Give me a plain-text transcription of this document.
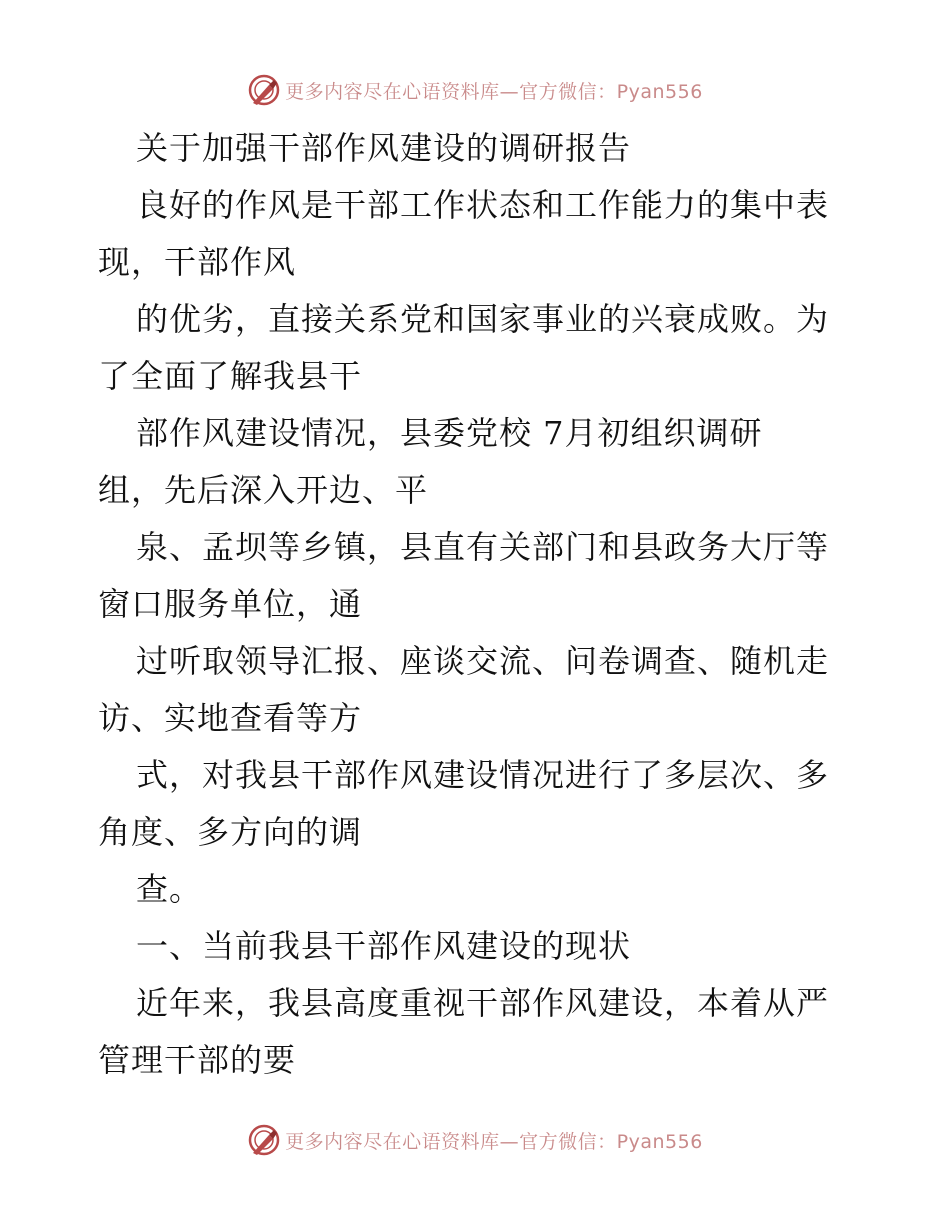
更多内容尽在心语资料库—官方微信：Pyan556
关于加强干部作风建设的调研报告
良好的作风是干部工作状态和工作能力的集中表
现，干部作风
的优劣，直接关系党和国家事业的兴衰成败。为
了全面了解我县干
部作风建设情况，县委党校 7月初组织调研
组，先后深入开边、平
泉、孟坝等乡镇，县直有关部门和县政务大厅等
窗口服务单位，通
过听取领导汇报、座谈交流、问卷调查、随机走
访、实地查看等方
式，对我县干部作风建设情况进行了多层次、多
角度、多方向的调
查。
一、当前我县干部作风建设的现状
近年来，我县高度重视干部作风建设，本着从严
管理干部的要
更多内容尽在心语资料库—官方微信：Pyan556
